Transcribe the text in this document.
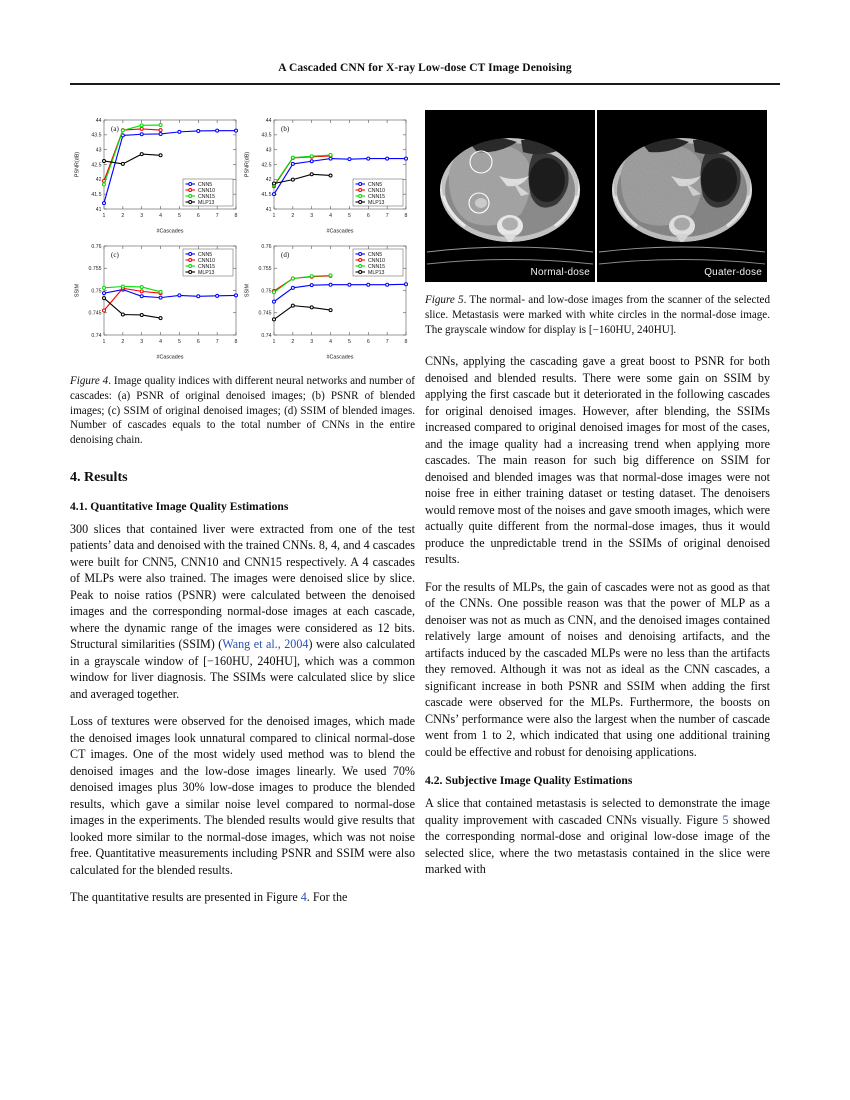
A Cascaded CNN for X-ray Low-dose CT Image Denoising
1	2	3	4	5	6	7	8
41
41.5
42
42.5
43
43.5
44
#Cascades
PSNR(dB)
(a)
CNN5
CNN10
CNN15
MLP13
1	2	3	4	5	6	7	8
41
41.5
42
42.5
43
43.5
44
#Cascades
PSNR(dB)
(b)
CNN5
CNN10
CNN15
MLP13
1	2	3	4	5	6	7	8
0.74
0.745
0.75
0.755
0.76
#Cascades
SSIM
(c)	CNN5
CNN10
CNN15
MLP13
1	2	3	4	5	6	7	8
0.74
0.745
0.75
0.755
0.76
#Cascades
SSIM
(d)	CNN5
CNN10
CNN15
MLP13
Figure 4. Image quality indices with different neural networks and number of cascades: (a) PSNR of original denoised images; (b) PSNR of blended images; (c) SSIM of original denoised images; (d) SSIM of blended images. Number of cascades equals to the total number of CNNs in the entire denoising chain.
4. Results
4.1. Quantitative Image Quality Estimations

300 slices that contained liver were extracted from one of the test patients’ data and denoised with the trained CNNs. 8, 4, and 4 cascades were built for CNN5, CNN10 and CNN15 respectively. A 4 cascades of MLPs were also trained. The images were denoised slice by slice. Peak to noise ratios (PSNR) were calculated between the denoised images and the corresponding normal-dose images at each cascade, where the dynamic range of the images were considered as 12 bits. Structural similarities (SSIM) (Wang et al., 2004) were also calculated in a grayscale window of [−160HU, 240HU], which was a common window for liver diagnosis. The SSIMs were calculated slice by slice and averaged together.

Loss of textures were observed for the denoised images, which made the denoised images look unnatural compared to clinical normal-dose CT images. One of the most widely used method was to blend the denoised images and the low-dose images linearly. We used 70% denoised images plus 30% low-dose images to produce the blended results, which gave a similar noise level compared to normal-dose images in the experiments. The blended results would give results that looked more similar to the normal-dose images, which was not noise free. Quantitative measurements including PSNR and SSIM were also calculated for the blended results.

The quantitative results are presented in Figure 4. For the

Normal-dose	Quater-dose
Figure 5. The normal- and low-dose images from the scanner of the selected slice. Metastasis were marked with white circles in the normal-dose image. The grayscale window for display is [−160HU, 240HU].

CNNs, applying the cascading gave a great boost to PSNR for both denoised and blended results. There were some gain on SSIM by applying the first cascade but it deteriorated in the following cascades for original denoised images. However, after blending, the SSIMs increased compared to original denoised images for most of the cases, and the image quality had a increasing trend when applying more cascades. The main reason for such big difference on SSIM for denoised and blended images was that normal-dose images were not noise free in either training dataset or testing dataset. The denoisers would remove most of the noises and gave smooth images, which were actually quite different from the normal-dose images, thus it would produce the unpredictable trend in the SSIMs of original denoised results.

For the results of MLPs, the gain of cascades were not as good as that of the CNNs. One possible reason was that the power of MLP as a denoiser was not as much as CNN, and the denoised images contained relatively large amount of noises and denoising artifacts, and the artifacts induced by the cascaded MLPs were no less than the artifacts they removed. Although it was not as ideal as the CNN cascades, a significant increase in both PSNR and SSIM when adding the first cascade were observed for the MLPs. Furthermore, the boosts on CNNs’ performance were also the largest when the number of cascade went from 1 to 2, which indicated that using one additional training could be effective and robust for denoising applications.

4.2. Subjective Image Quality Estimations

A slice that contained metastasis is selected to demonstrate the image quality improvement with cascaded CNNs visually. Figure 5 showed the corresponding normal-dose and original low-dose image of the selected slice, where the two metastasis contained in the slice were marked with
